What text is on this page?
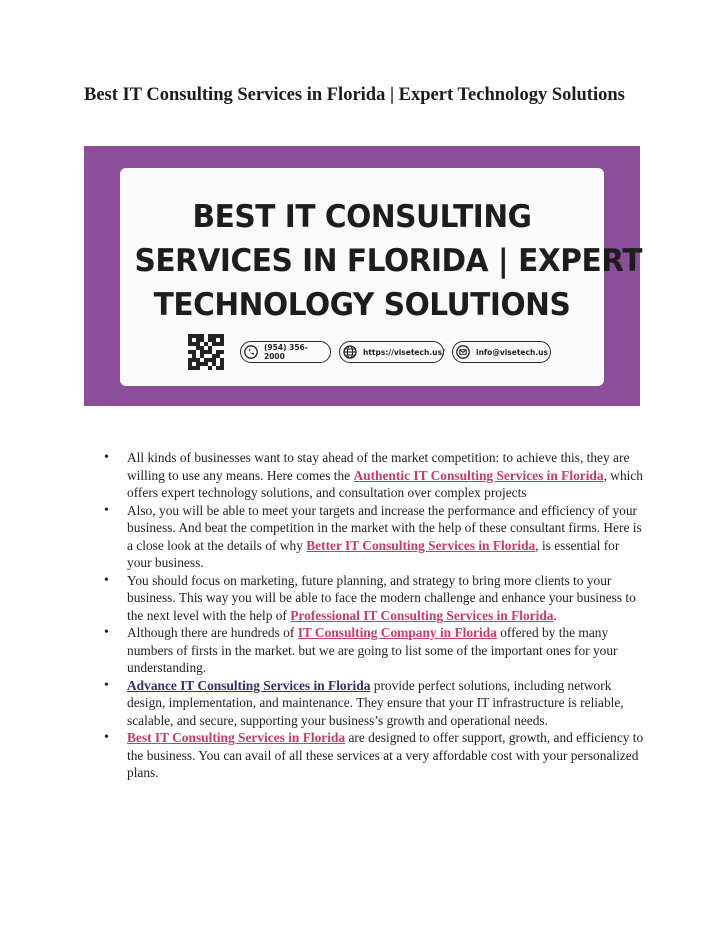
Best IT Consulting Services in Florida | Expert Technology Solutions
BEST IT CONSULTING
SERVICES IN FLORIDA | EXPERT
TECHNOLOGY SOLUTIONS
(954) 356-2000	https://visetech.us/	info@visetech.us
• All kinds of businesses want to stay ahead of the market competition: to achieve this, they are willing to use any means. Here comes the Authentic IT Consulting Services in Florida, which offers expert technology solutions, and consultation over complex projects
• Also, you will be able to meet your targets and increase the performance and efficiency of your business. And beat the competition in the market with the help of these consultant firms. Here is a close look at the details of why Better IT Consulting Services in Florida, is essential for your business.
• You should focus on marketing, future planning, and strategy to bring more clients to your business. This way you will be able to face the modern challenge and enhance your business to the next level with the help of Professional IT Consulting Services in Florida.
• Although there are hundreds of IT Consulting Company in Florida offered by the many numbers of firsts in the market. but we are going to list some of the important ones for your understanding.
• Advance IT Consulting Services in Florida provide perfect solutions, including network design, implementation, and maintenance. They ensure that your IT infrastructure is reliable, scalable, and secure, supporting your business’s growth and operational needs.
• Best IT Consulting Services in Florida are designed to offer support, growth, and efficiency to the business. You can avail of all these services at a very affordable cost with your personalized plans.
